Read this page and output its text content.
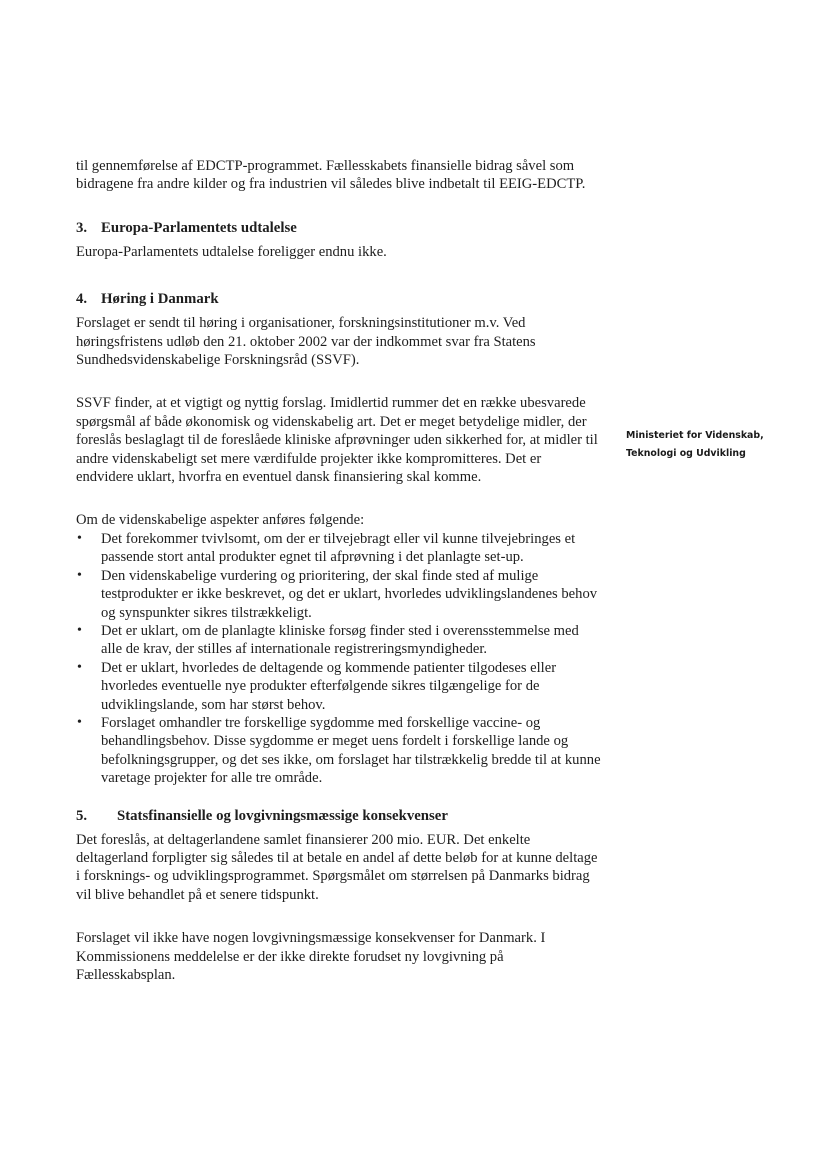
til gennemførelse af EDCTP-programmet. Fællesskabets finansielle bidrag såvel som bidragene fra andre kilder og fra industrien vil således blive indbetalt til EEIG-EDCTP.

3. Europa-Parlamentets udtalelse

Europa-Parlamentets udtalelse foreligger endnu ikke.

4. Høring i Danmark

Forslaget er sendt til høring i organisationer, forskningsinstitutioner m.v. Ved høringsfristens udløb den 21. oktober 2002 var der indkommet svar fra Statens Sundhedsvidenskabelige Forskningsråd (SSVF).

SSVF finder, at et vigtigt og nyttig forslag. Imidlertid rummer det en række ubesvarede spørgsmål af både økonomisk og videnskabelig art. Det er meget betydelige midler, der foreslås beslaglagt til de foreslåede kliniske afprøvninger uden sikkerhed for, at midler til andre videnskabeligt set mere værdifulde projekter ikke kompromitteres. Det er endvidere uklart, hvorfra en eventuel dansk finansiering skal komme.

Om de videnskabelige aspekter anføres følgende:

• Det forekommer tvivlsomt, om der er tilvejebragt eller vil kunne tilvejebringes et passende stort antal produkter egnet til afprøvning i det planlagte set-up.
• Den videnskabelige vurdering og prioritering, der skal finde sted af mulige testprodukter er ikke beskrevet, og det er uklart, hvorledes udviklingslandenes behov og synspunkter sikres tilstrækkeligt.
• Det er uklart, om de planlagte kliniske forsøg finder sted i overensstemmelse med alle de krav, der stilles af internationale registreringsmyndigheder.
• Det er uklart, hvorledes de deltagende og kommende patienter tilgodeses eller hvorledes eventuelle nye produkter efterfølgende sikres tilgængelige for de udviklingslande, som har størst behov.
• Forslaget omhandler tre forskellige sygdomme med forskellige vaccine- og behandlingsbehov. Disse sygdomme er meget uens fordelt i forskellige lande og befolkningsgrupper, og det ses ikke, om forslaget har tilstrækkelig bredde til at kunne varetage projekter for alle tre område.
5.	Statsfinansielle og lovgivningsmæssige konsekvenser

Det foreslås, at deltagerlandene samlet finansierer 200 mio. EUR. Det enkelte deltagerland forpligter sig således til at betale en andel af dette beløb for at kunne deltage i forsknings- og udviklingsprogrammet. Spørgsmålet om størrelsen på Danmarks bidrag vil blive behandlet på et senere tidspunkt.

Forslaget vil ikke have nogen lovgivningsmæssige konsekvenser for Danmark. I Kommissionens meddelelse er der ikke direkte forudset ny lovgivning på Fællesskabsplan.

Ministeriet for Videnskab,
Teknologi og Udvikling
